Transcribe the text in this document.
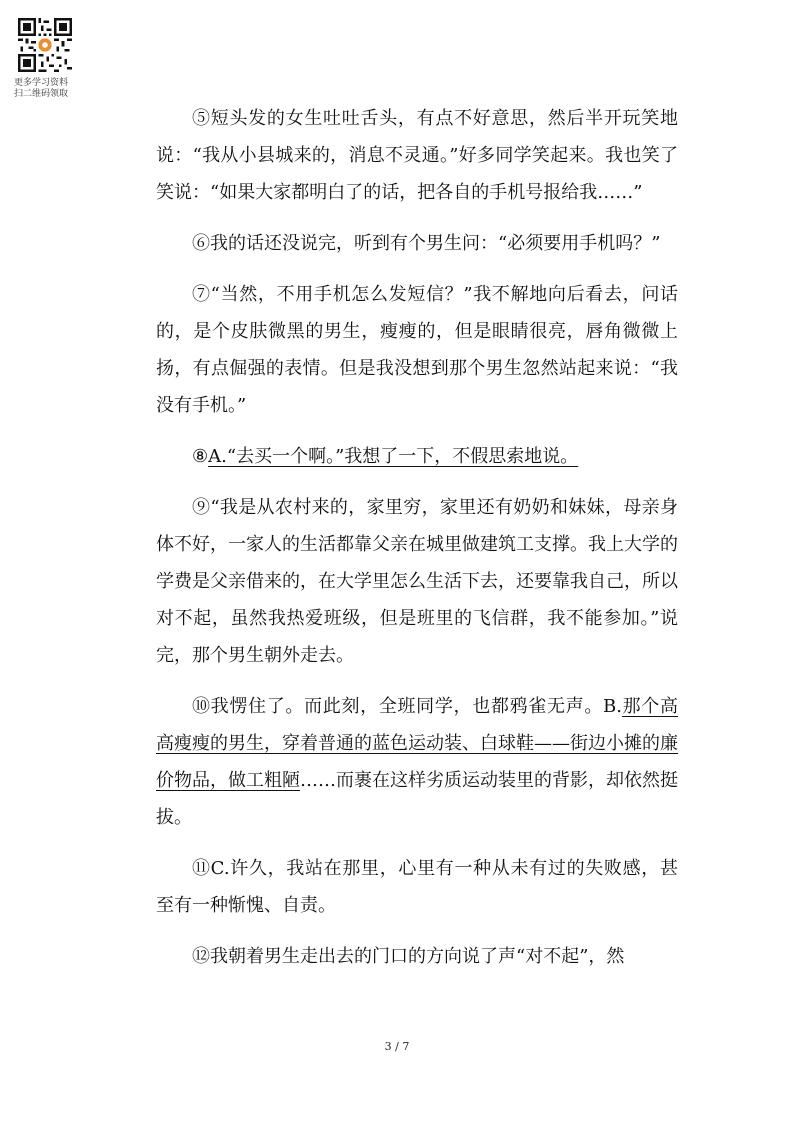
更多学习资料
扫二维码领取

⑤短头发的女生吐吐舌头，有点不好意思，然后半开玩笑地说：“我从小县城来的，消息不灵通。”好多同学笑起来。我也笑了笑说：“如果大家都明白了的话，把各自的手机号报给我……”

⑥我的话还没说完，听到有个男生问：“必须要用手机吗？”

⑦“当然，不用手机怎么发短信？”我不解地向后看去，问话的，是个皮肤微黑的男生，瘦瘦的，但是眼睛很亮，唇角微微上扬，有点倔强的表情。但是我没想到那个男生忽然站起来说：“我没有手机。”

⑧A.“去买一个啊。”我想了一下，不假思索地说。

⑨“我是从农村来的，家里穷，家里还有奶奶和妹妹，母亲身体不好，一家人的生活都靠父亲在城里做建筑工支撑。我上大学的学费是父亲借来的，在大学里怎么生活下去，还要靠我自己，所以对不起，虽然我热爱班级，但是班里的飞信群，我不能参加。”说完，那个男生朝外走去。

⑩我愣住了。而此刻，全班同学，也都鸦雀无声。B.那个高高瘦瘦的男生，穿着普通的蓝色运动装、白球鞋——街边小摊的廉价物品，做工粗陋……而裹在这样劣质运动装里的背影，却依然挺拔。

⑪C.许久，我站在那里，心里有一种从未有过的失败感，甚至有一种惭愧、自责。

⑫我朝着男生走出去的门口的方向说了声“对不起”，然

3 / 7
